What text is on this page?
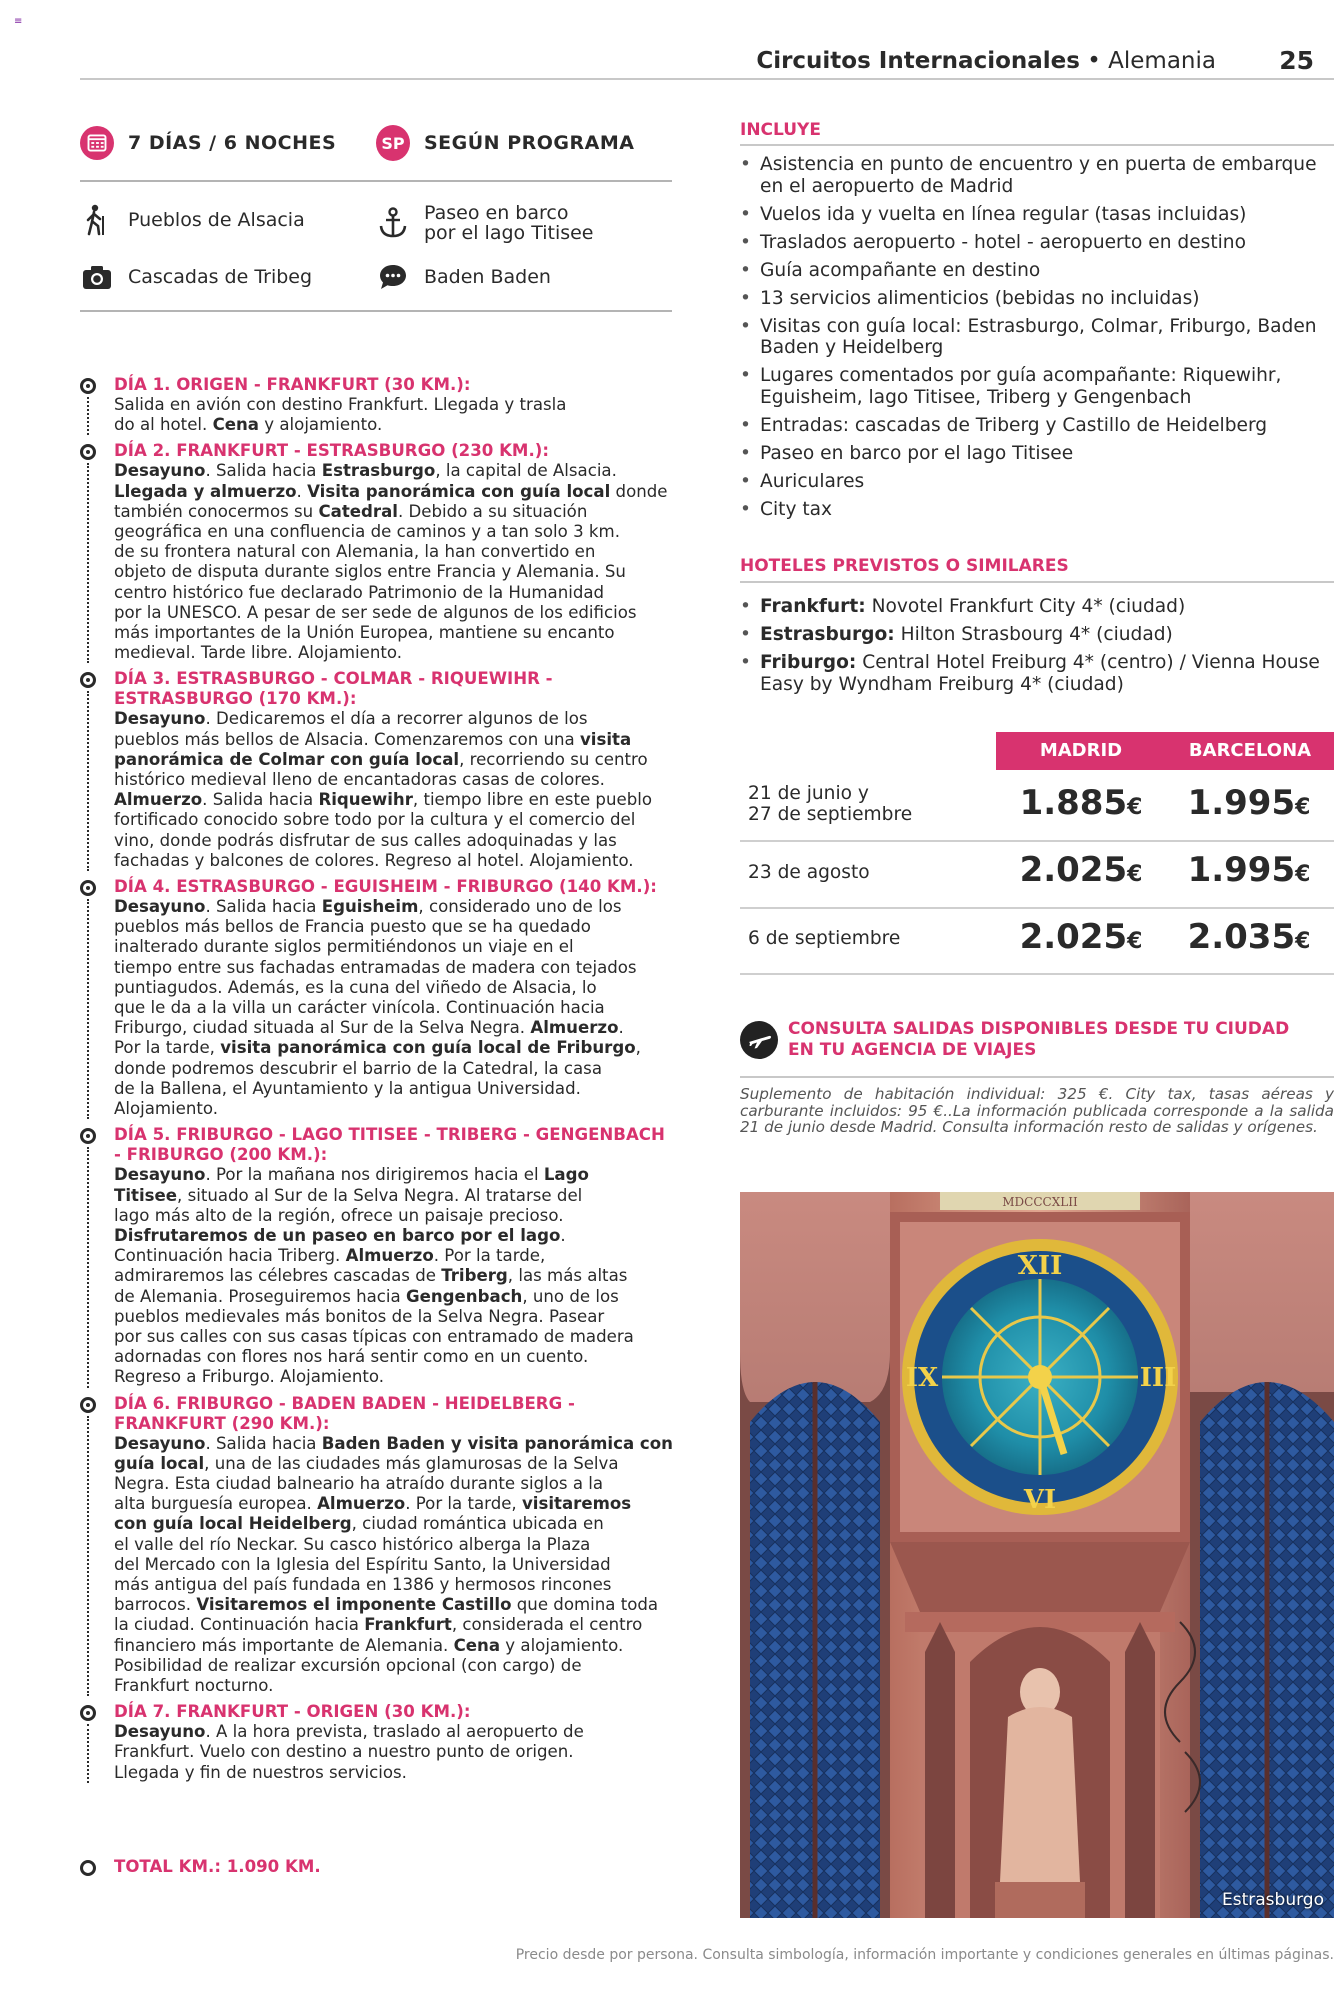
≡
Circuitos Internacionales • Alemania	25
7 DÍAS / 6 NOCHES	SP SEGÚN PROGRAMA
Pueblos de Alsacia	Paseo en barco
por el lago Titisee
Cascadas de Tribeg	Baden Baden
DÍA 1. ORIGEN - FRANKFURT (30 KM.):
Salida en avión con destino Frankfurt. Llegada y trasla
do al hotel. Cena y alojamiento.
DÍA 2. FRANKFURT - ESTRASBURGO (230 KM.):
Desayuno. Salida hacia Estrasburgo, la capital de Alsacia.
Llegada y almuerzo. Visita panorámica con guía local donde
también conocermos su Catedral. Debido a su situación
geográfica en una confluencia de caminos y a tan solo 3 km.
de su frontera natural con Alemania, la han convertido en
objeto de disputa durante siglos entre Francia y Alemania. Su
centro histórico fue declarado Patrimonio de la Humanidad
por la UNESCO. A pesar de ser sede de algunos de los edificios
más importantes de la Unión Europea, mantiene su encanto
medieval. Tarde libre. Alojamiento.
DÍA 3. ESTRASBURGO - COLMAR - RIQUEWIHR - ESTRASBURGO (170 KM.):
Desayuno. Dedicaremos el día a recorrer algunos de los
pueblos más bellos de Alsacia. Comenzaremos con una visita
panorámica de Colmar con guía local, recorriendo su centro
histórico medieval lleno de encantadoras casas de colores.
Almuerzo. Salida hacia Riquewihr, tiempo libre en este pueblo
fortificado conocido sobre todo por la cultura y el comercio del
vino, donde podrás disfrutar de sus calles adoquinadas y las
fachadas y balcones de colores. Regreso al hotel. Alojamiento.
DÍA 4. ESTRASBURGO - EGUISHEIM - FRIBURGO (140 KM.):
Desayuno. Salida hacia Eguisheim, considerado uno de los
pueblos más bellos de Francia puesto que se ha quedado
inalterado durante siglos permitiéndonos un viaje en el
tiempo entre sus fachadas entramadas de madera con tejados
puntiagudos. Además, es la cuna del viñedo de Alsacia, lo
que le da a la villa un carácter vinícola. Continuación hacia
Friburgo, ciudad situada al Sur de la Selva Negra. Almuerzo.
Por la tarde, visita panorámica con guía local de Friburgo,
donde podremos descubrir el barrio de la Catedral, la casa
de la Ballena, el Ayuntamiento y la antigua Universidad.
Alojamiento.
DÍA 5. FRIBURGO - LAGO TITISEE - TRIBERG - GENGENBACH - FRIBURGO (200 KM.):
Desayuno. Por la mañana nos dirigiremos hacia el Lago
Titisee, situado al Sur de la Selva Negra. Al tratarse del
lago más alto de la región, ofrece un paisaje precioso.
Disfrutaremos de un paseo en barco por el lago.
Continuación hacia Triberg. Almuerzo. Por la tarde,
admiraremos las célebres cascadas de Triberg, las más altas
de Alemania. Proseguiremos hacia Gengenbach, uno de los
pueblos medievales más bonitos de la Selva Negra. Pasear
por sus calles con sus casas típicas con entramado de madera
adornadas con flores nos hará sentir como en un cuento.
Regreso a Friburgo. Alojamiento.
DÍA 6. FRIBURGO - BADEN BADEN - HEIDELBERG - FRANKFURT (290 KM.):
Desayuno. Salida hacia Baden Baden y visita panorámica con
guía local, una de las ciudades más glamurosas de la Selva
Negra. Esta ciudad balneario ha atraído durante siglos a la
alta burguesía europea. Almuerzo. Por la tarde, visitaremos
con guía local Heidelberg, ciudad romántica ubicada en
el valle del río Neckar. Su casco histórico alberga la Plaza
del Mercado con la Iglesia del Espíritu Santo, la Universidad
más antigua del país fundada en 1386 y hermosos rincones
barrocos. Visitaremos el imponente Castillo que domina toda
la ciudad. Continuación hacia Frankfurt, considerada el centro
financiero más importante de Alemania. Cena y alojamiento.
Posibilidad de realizar excursión opcional (con cargo) de
Frankfurt nocturno.
DÍA 7. FRANKFURT - ORIGEN (30 KM.):
Desayuno. A la hora prevista, traslado al aeropuerto de
Frankfurt. Vuelo con destino a nuestro punto de origen.
Llegada y fin de nuestros servicios.
TOTAL KM.: 1.090 KM.
INCLUYE
• Asistencia en punto de encuentro y en puerta de embarque en el aeropuerto de Madrid
• Vuelos ida y vuelta en línea regular (tasas incluidas)
• Traslados aeropuerto - hotel - aeropuerto en destino
• Guía acompañante en destino
• 13 servicios alimenticios (bebidas no incluidas)
• Visitas con guía local: Estrasburgo, Colmar, Friburgo, Baden Baden y Heidelberg
• Lugares comentados por guía acompañante: Riquewihr, Eguisheim, lago Titisee, Triberg y Gengenbach
• Entradas: cascadas de Triberg y Castillo de Heidelberg
• Paseo en barco por el lago Titisee
• Auriculares
• City tax
HOTELES PREVISTOS O SIMILARES
• Frankfurt: Novotel Frankfurt City 4* (ciudad)
• Estrasburgo: Hilton Strasbourg 4* (ciudad)
• Friburgo: Central Hotel Freiburg 4* (centro) / Vienna House Easy by Wyndham Freiburg 4* (ciudad)
MADRID	BARCELONA
21 de junio y
27 de septiembre	1.885€	1.995€
23 de agosto	2.025€	1.995€
6 de septiembre	2.025€	2.035€
CONSULTA SALIDAS DISPONIBLES DESDE TU CIUDAD
EN TU AGENCIA DE VIAJES
Suplemento de habitación individual: 325 €. City tax, tasas aéreas y carburante incluidos: 95 €..La información publicada corresponde a la salida 21 de junio desde Madrid. Consulta información resto de salidas y orígenes.
XII
III
VI
IX
MDCCCXLII
Estrasburgo
Precio desde por persona. Consulta simbología, información importante y condiciones generales en últimas páginas.
